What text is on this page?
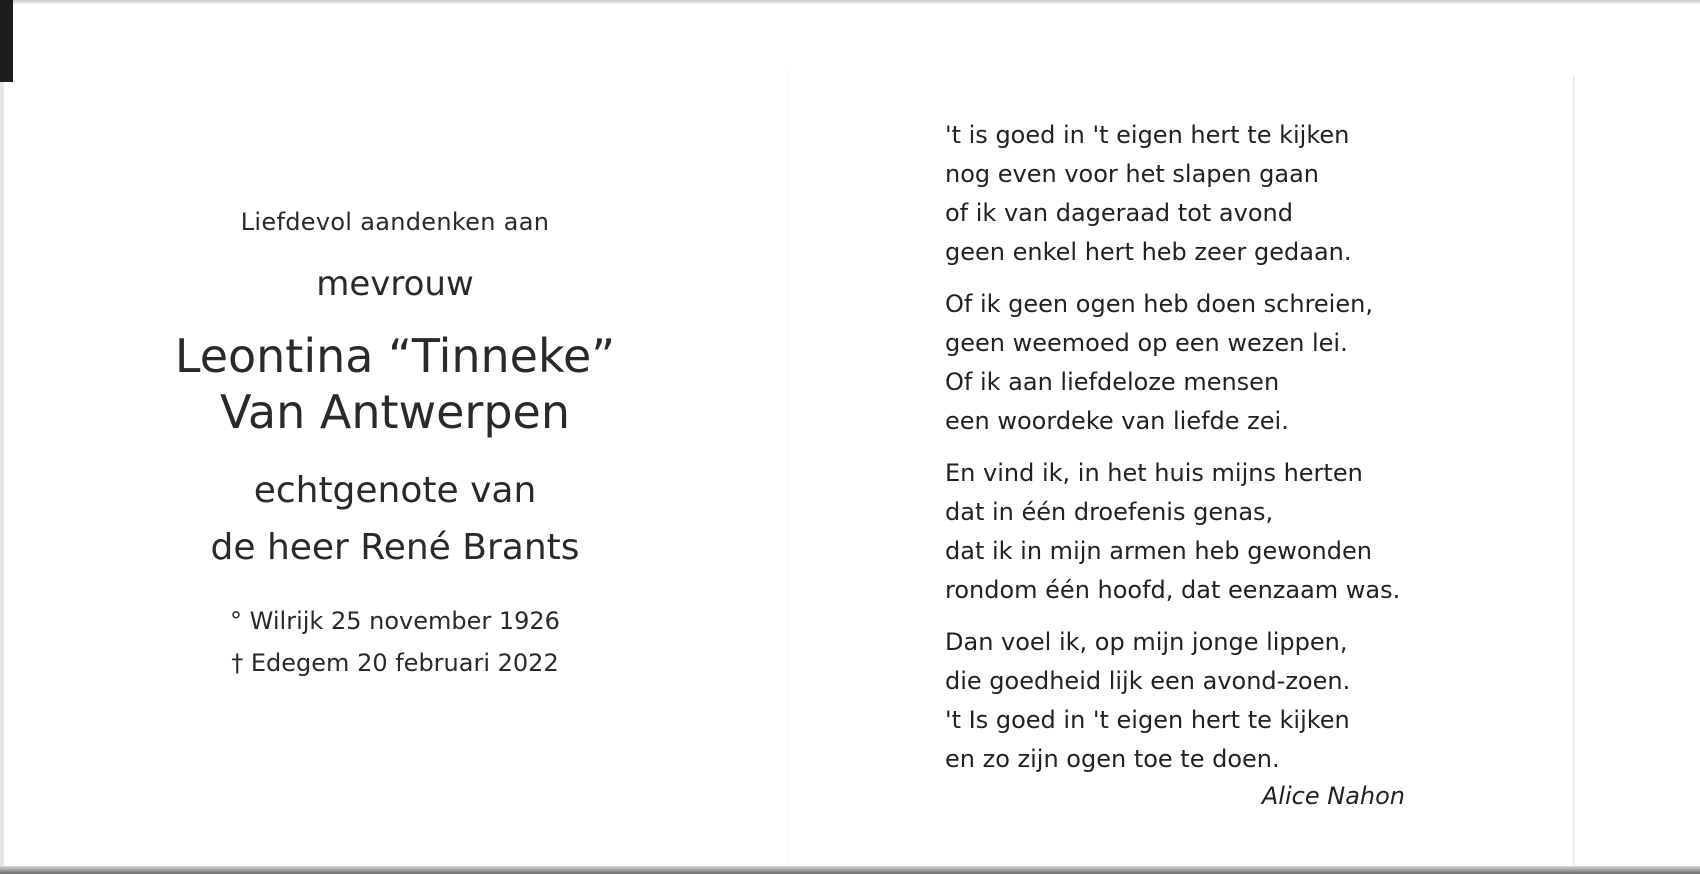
Liefdevol aandenken aan
mevrouw
Leontina “Tinneke”
Van Antwerpen
echtgenote van
de heer René Brants
° Wilrijk 25 november 1926
† Edegem 20 februari 2022
't is goed in 't eigen hert te kijken
nog even voor het slapen gaan
of ik van dageraad tot avond
geen enkel hert heb zeer gedaan.
Of ik geen ogen heb doen schreien,
geen weemoed op een wezen lei.
Of ik aan liefdeloze mensen
een woordeke van liefde zei.
En vind ik, in het huis mijns herten
dat in één droefenis genas,
dat ik in mijn armen heb gewonden
rondom één hoofd, dat eenzaam was.
Dan voel ik, op mijn jonge lippen,
die goedheid lijk een avond-zoen.
't Is goed in 't eigen hert te kijken
en zo zijn ogen toe te doen.
Alice Nahon
